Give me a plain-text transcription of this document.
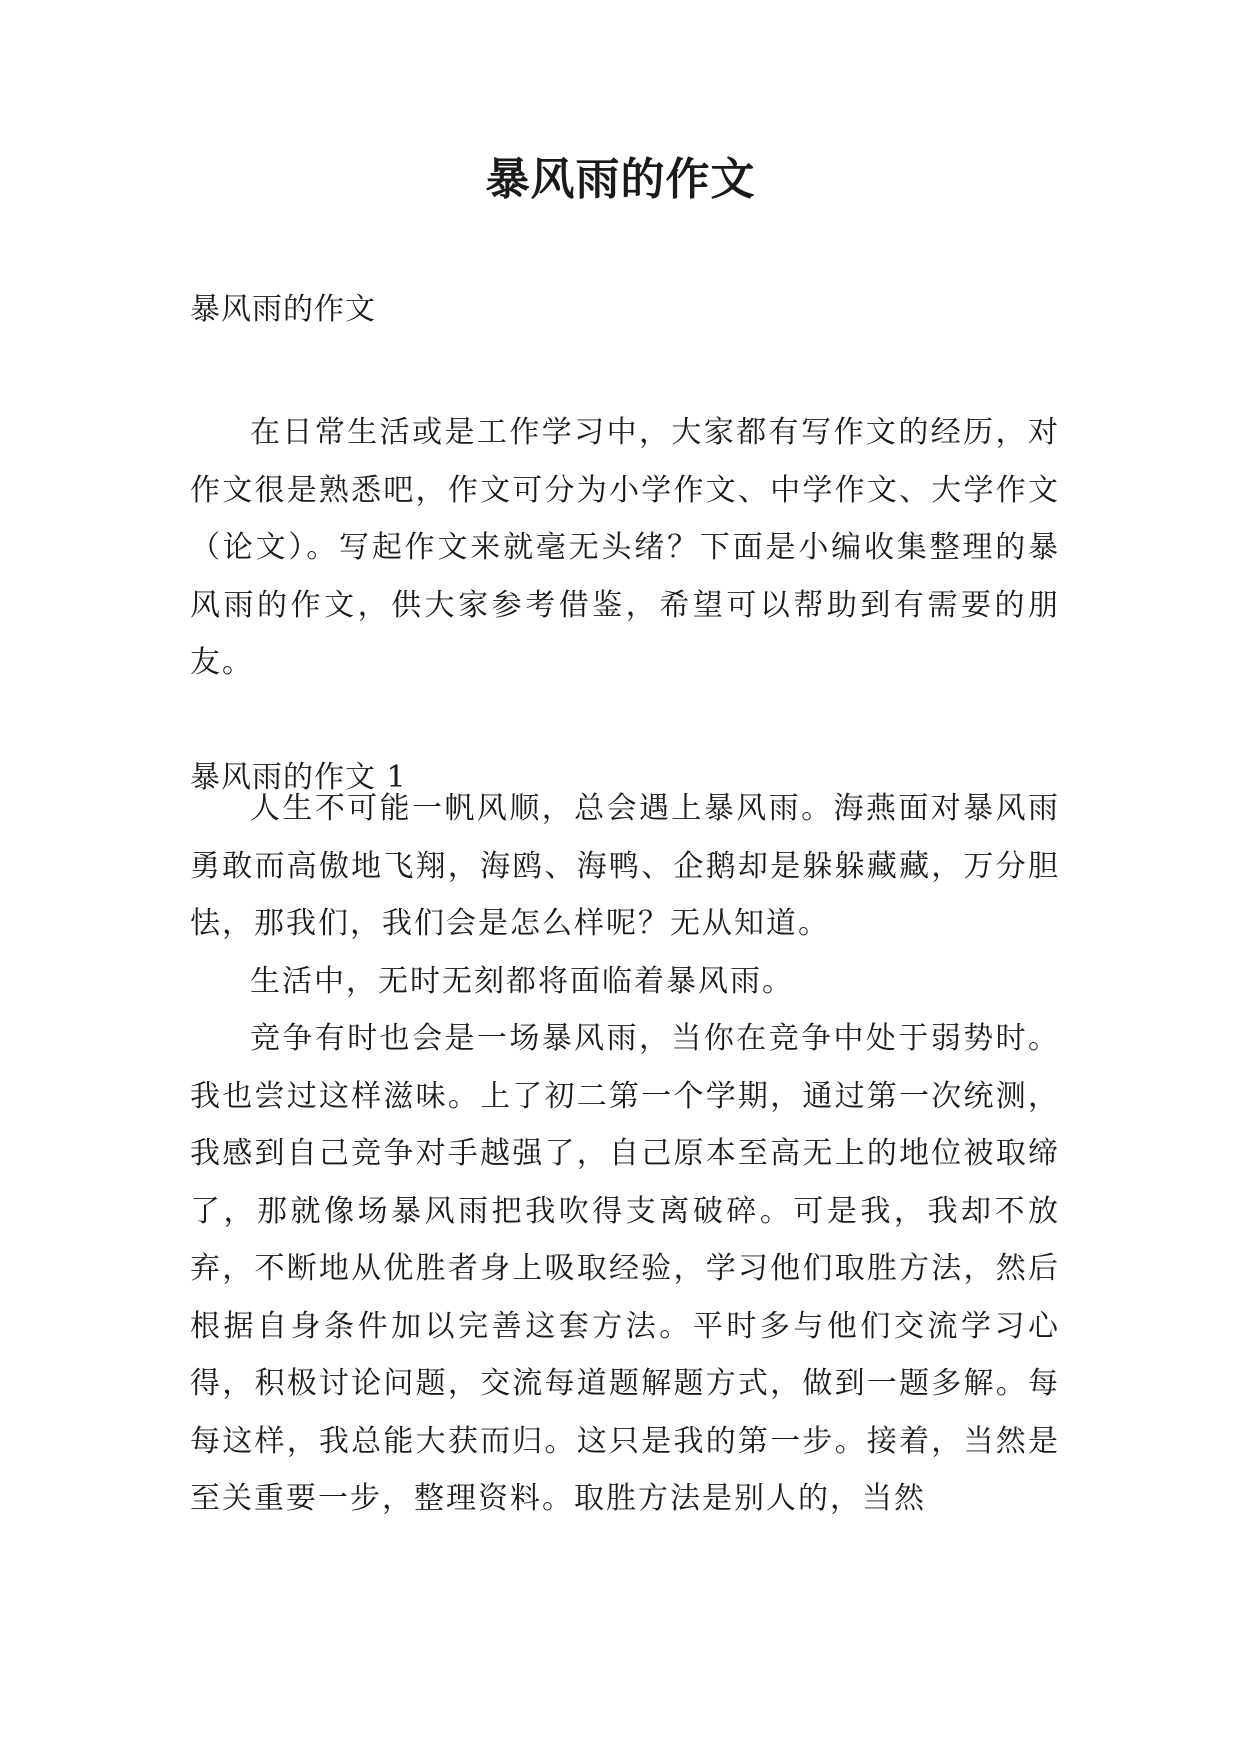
暴风雨的作文
暴风雨的作文

在日常生活或是工作学习中，大家都有写作文的经历，对作文很是熟悉吧，作文可分为小学作文、中学作文、大学作文（论文）。写起作文来就毫无头绪？下面是小编收集整理的暴风雨的作文，供大家参考借鉴，希望可以帮助到有需要的朋友。

暴风雨的作文 1

人生不可能一帆风顺，总会遇上暴风雨。海燕面对暴风雨勇敢而高傲地飞翔，海鸥、海鸭、企鹅却是躲躲藏藏，万分胆怯，那我们，我们会是怎么样呢？无从知道。

生活中，无时无刻都将面临着暴风雨。

竞争有时也会是一场暴风雨，当你在竞争中处于弱势时。我也尝过这样滋味。上了初二第一个学期，通过第一次统测，我感到自己竞争对手越强了，自己原本至高无上的地位被取缔了，那就像场暴风雨把我吹得支离破碎。可是我，我却不放弃，不断地从优胜者身上吸取经验，学习他们取胜方法，然后根据自身条件加以完善这套方法。平时多与他们交流学习心得，积极讨论问题，交流每道题解题方式，做到一题多解。每每这样，我总能大获而归。这只是我的第一步。接着，当然是至关重要一步，整理资料。取胜方法是别人的，当然
